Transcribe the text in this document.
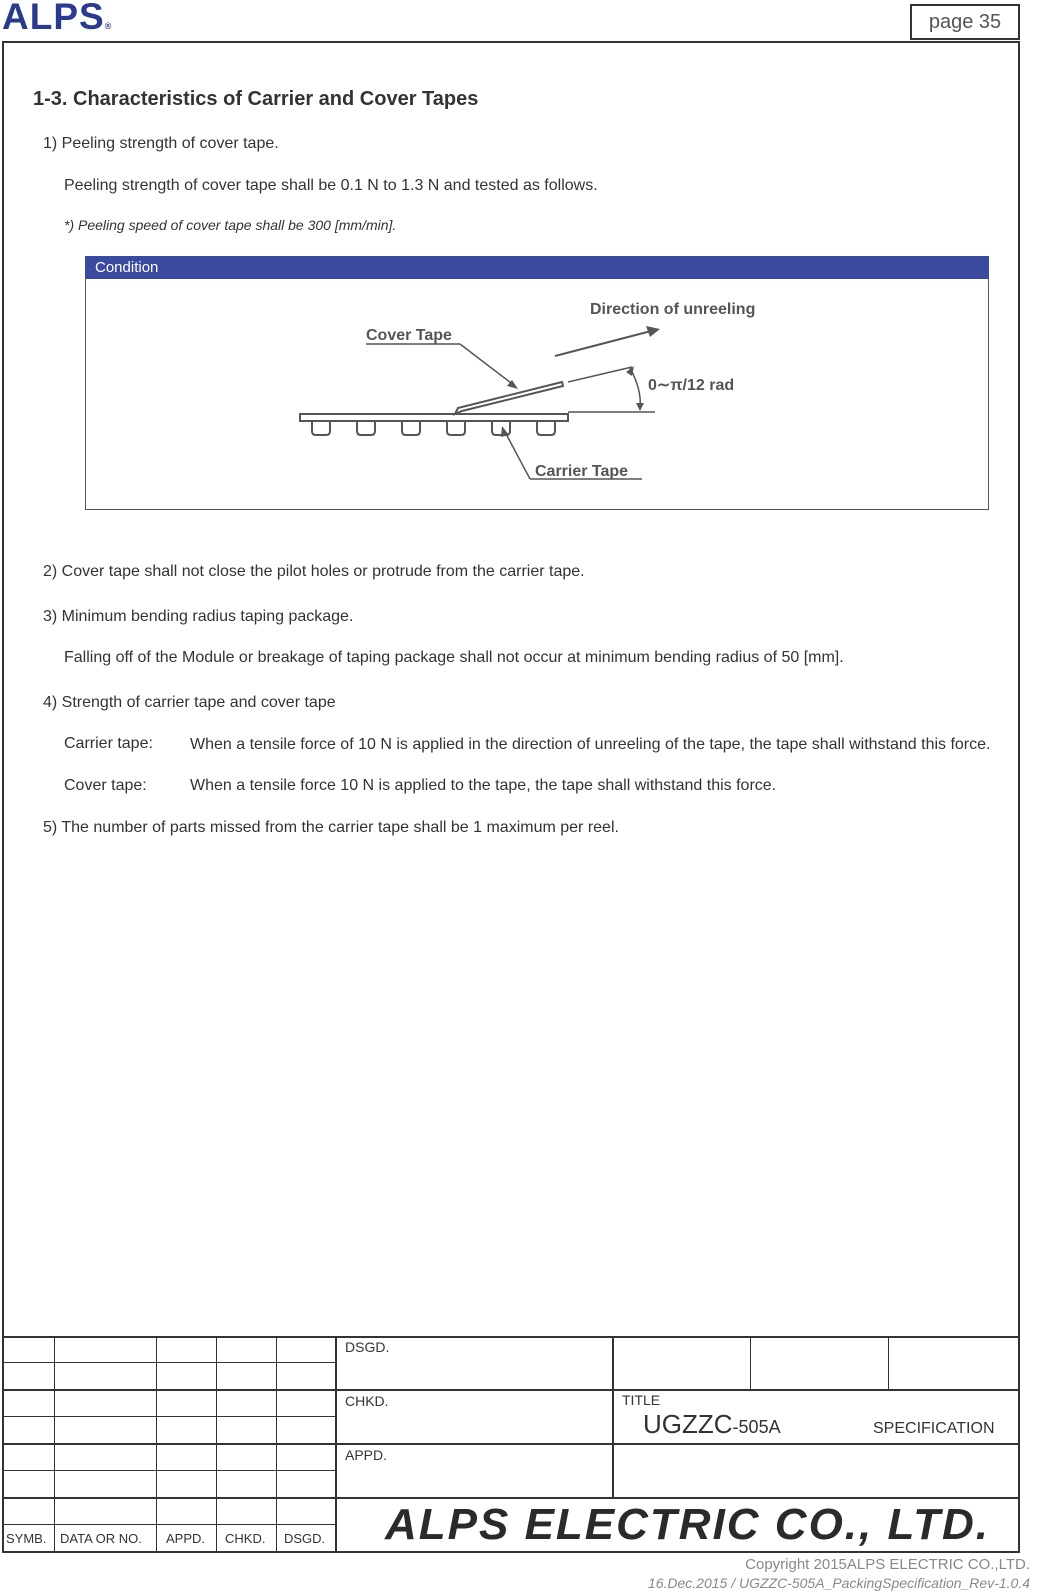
ALPS®	page 35
1-3. Characteristics of Carrier and Cover Tapes
1) Peeling strength of cover tape.
Peeling strength of cover tape shall be 0.1 N to 1.3 N and tested as follows.
*) Peeling speed of cover tape shall be 300 [mm/min].
Condition
Direction of unreeling
Cover Tape
0∼π/12 rad
Carrier Tape
2) Cover tape shall not close the pilot holes or protrude from the carrier tape.
3) Minimum bending radius taping package.
Falling off of the Module or breakage of taping package shall not occur at minimum bending radius of 50 [mm].
4) Strength of carrier tape and cover tape
Carrier tape: When a tensile force of 10 N is applied in the direction of unreeling of the tape, the tape shall withstand this force.
Cover tape:	When a tensile force 10 N is applied to the tape, the tape shall withstand this force.
5) The number of parts missed from the carrier tape shall be 1 maximum per reel.
DSGD.
CHKD.
APPD.
TITLE
UGZZC-505A	SPECIFICATION
SYMB. DATA OR NO. APPD. CHKD. DSGD. ALPS ELECTRIC CO., LTD.
Copyright 2015ALPS ELECTRIC CO.,LTD.
16.Dec.2015 / UGZZC-505A_PackingSpecification_Rev-1.0.4
